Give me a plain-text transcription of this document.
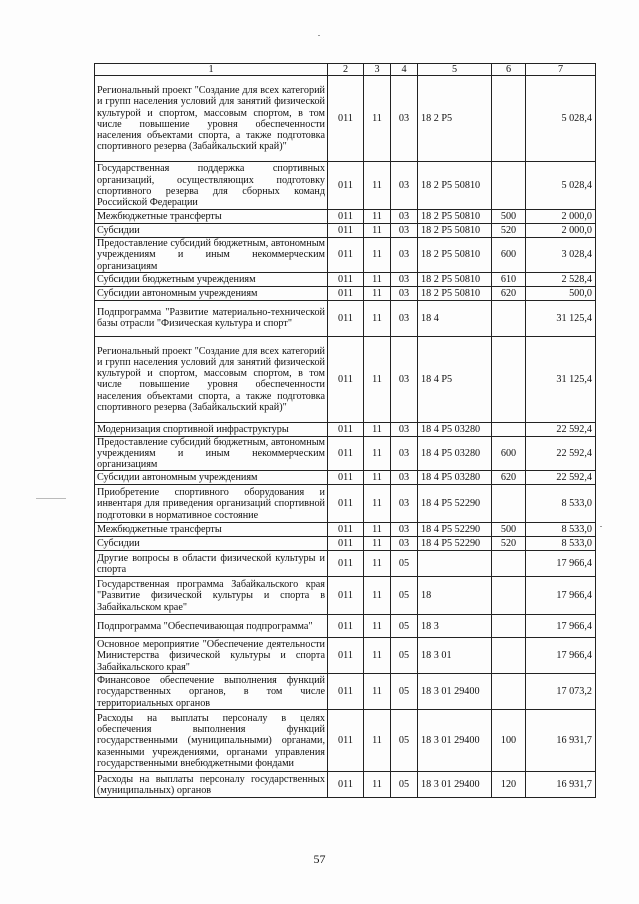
1	2	3	4	5	6	7
Региональный проект "Создание для всех категорий и групп населения условий для занятий физической культурой и спортом, массовым спортом, в том числе повышение уровня обеспеченности населения объектами спорта, а также подготовка спортивного резерва (Забайкальский край)"	011	11	03	18 2 P5		5 028,4
Государственная поддержка спортивных организаций, осуществляющих подготовку спортивного резерва для сборных команд Российской Федерации	011	11	03	18 2 P5 50810		5 028,4
Межбюджетные трансферты	011	11	03	18 2 P5 50810	500	2 000,0
Субсидии	011	11	03	18 2 P5 50810	520	2 000,0
Предоставление субсидий бюджетным, автономным учреждениям и иным некоммерческим организациям	011	11	03	18 2 P5 50810	600	3 028,4
Субсидии бюджетным учреждениям	011	11	03	18 2 P5 50810	610	2 528,4
Субсидии автономным учреждениям	011	11	03	18 2 P5 50810	620	500,0
Подпрограмма "Развитие материально-технической базы отрасли "Физическая культура и спорт"	011	11	03	18 4		31 125,4
Региональный проект "Создание для всех категорий и групп населения условий для занятий физической культурой и спортом, массовым спортом, в том числе повышение уровня обеспеченности населения объектами спорта, а также подготовка спортивного резерва (Забайкальский край)"	011	11	03	18 4 P5		31 125,4
Модернизация спортивной инфраструктуры	011	11	03	18 4 P5 03280		22 592,4
Предоставление субсидий бюджетным, автономным учреждениям и иным некоммерческим организациям	011	11	03	18 4 P5 03280	600	22 592,4
Субсидии автономным учреждениям	011	11	03	18 4 P5 03280	620	22 592,4
Приобретение спортивного оборудования и инвентаря для приведения организаций спортивной подготовки в нормативное состояние	011	11	03	18 4 P5 52290		8 533,0
Межбюджетные трансферты	011	11	03	18 4 P5 52290	500	8 533,0
Субсидии	011	11	03	18 4 P5 52290	520	8 533,0
Другие вопросы в области физической культуры и спорта	011	11	05			17 966,4
Государственная программа Забайкальского края "Развитие физической культуры и спорта в Забайкальском крае"	011	11	05	18		17 966,4
Подпрограмма "Обеспечивающая подпрограмма"	011	11	05	18 3		17 966,4
Основное мероприятие "Обеспечение деятельности Министерства физической культуры и спорта Забайкальского края"	011	11	05	18 3 01		17 966,4
Финансовое обеспечение выполнения функций государственных органов, в том числе территориальных органов	011	11	05	18 3 01 29400		17 073,2
Расходы на выплаты персоналу в целях обеспечения выполнения функций государственными (муниципальными) органами, казенными учреждениями, органами управления государственными внебюджетными фондами	011	11	05	18 3 01 29400	100	16 931,7
Расходы на выплаты персоналу государственных (муниципальных) органов	011	11	05	18 3 01 29400	120	16 931,7
57
